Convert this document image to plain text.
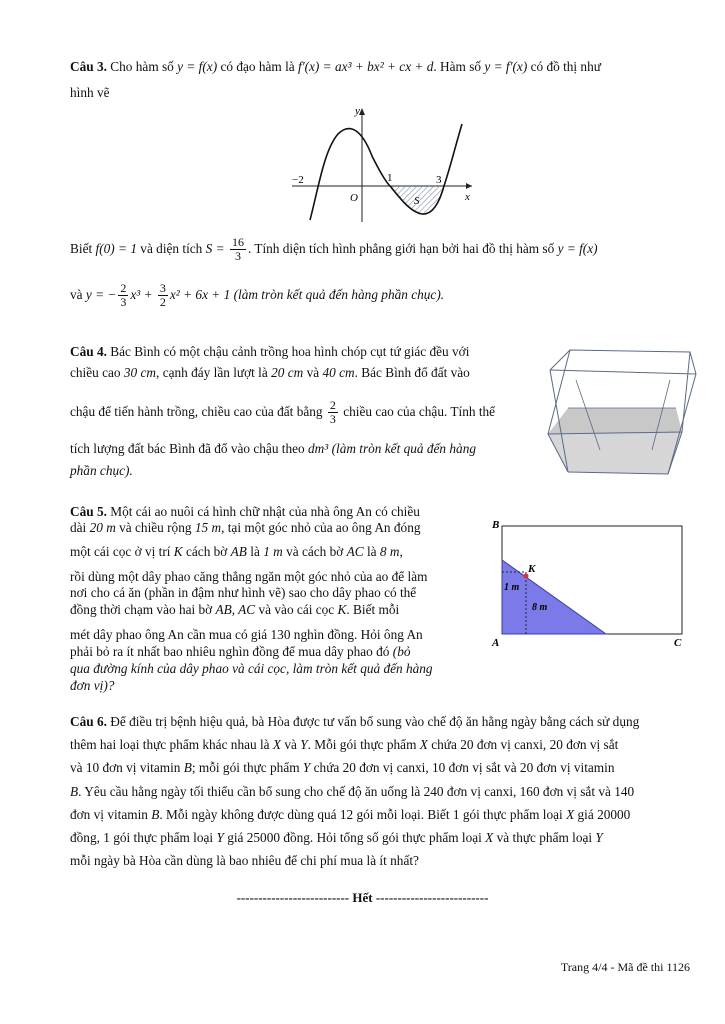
Câu 3. Cho hàm số y = f(x) có đạo hàm là f′(x) = ax³ + bx² + cx + d. Hàm số y = f′(x) có đồ thị như
hình vẽ
y
x
O
−2	1	3
S
Biết f(0) = 1 và diện tích $S = \frac{16}{3}$ . Tính diện tích hình phẳng giới hạn bởi hai đồ thị hàm số y = f(x)
và y = − $\frac{2}{3} x^3 + \frac{3}{2} x^2 + 6x + 1$ (làm tròn kết quả đến hàng phần chục).
Câu 4. Bác Bình có một chậu cảnh trồng hoa hình chóp cụt tứ giác đều với
chiều cao 30 cm, cạnh đáy lần lượt là 20 cm và 40 cm. Bác Bình đổ đất vào
chậu để tiến hành trồng, chiều cao của đất bằng $\frac{2}{3}$ chiều cao của chậu. Tính thể
tích lượng đất bác Bình đã đổ vào chậu theo dm³ (làm tròn kết quả đến hàng
phần chục).
Câu 5. Một cái ao nuôi cá hình chữ nhật của nhà ông An có chiều
dài 20 m và chiều rộng 15 m, tại một góc nhỏ của ao ông An đóng
một cái cọc ở vị trí K cách bờ AB là 1 m và cách bờ AC là 8 m,
rồi dùng một dây phao căng thẳng ngăn một góc nhỏ của ao để làm
nơi cho cá ăn (phần in đậm như hình vẽ) sao cho dây phao có thể
đồng thời chạm vào hai bờ AB, AC và vào cái cọc K. Biết mỗi
mét dây phao ông An cần mua có giá 130 nghìn đồng. Hỏi ông An
phải bỏ ra ít nhất bao nhiêu nghìn đồng để mua dây phao đó (bỏ
qua đường kính của dây phao và cái cọc, làm tròn kết quả đến hàng
đơn vị)?
B
A	C
K
1 m
8 m
Câu 6. Để điều trị bệnh hiệu quả, bà Hòa được tư vấn bổ sung vào chế độ ăn hằng ngày bằng cách sử dụng
thêm hai loại thực phẩm khác nhau là X và Y. Mỗi gói thực phẩm X chứa 20 đơn vị canxi, 20 đơn vị sắt
và 10 đơn vị vitamin B; mỗi gói thực phẩm Y chứa 20 đơn vị canxi, 10 đơn vị sắt và 20 đơn vị vitamin
B. Yêu cầu hằng ngày tối thiểu cần bổ sung cho chế độ ăn uống là 240 đơn vị canxi, 160 đơn vị sắt và 140
đơn vị vitamin B. Mỗi ngày không được dùng quá 12 gói mỗi loại. Biết 1 gói thực phẩm loại X giá 20000
đồng, 1 gói thực phẩm loại Y giá 25000 đồng. Hỏi tổng số gói thực phẩm loại X và thực phẩm loại Y
mỗi ngày bà Hòa cần dùng là bao nhiêu để chi phí mua là ít nhất?
-------------------------- Hết --------------------------
Trang 4/4 - Mã đề thi 1126
